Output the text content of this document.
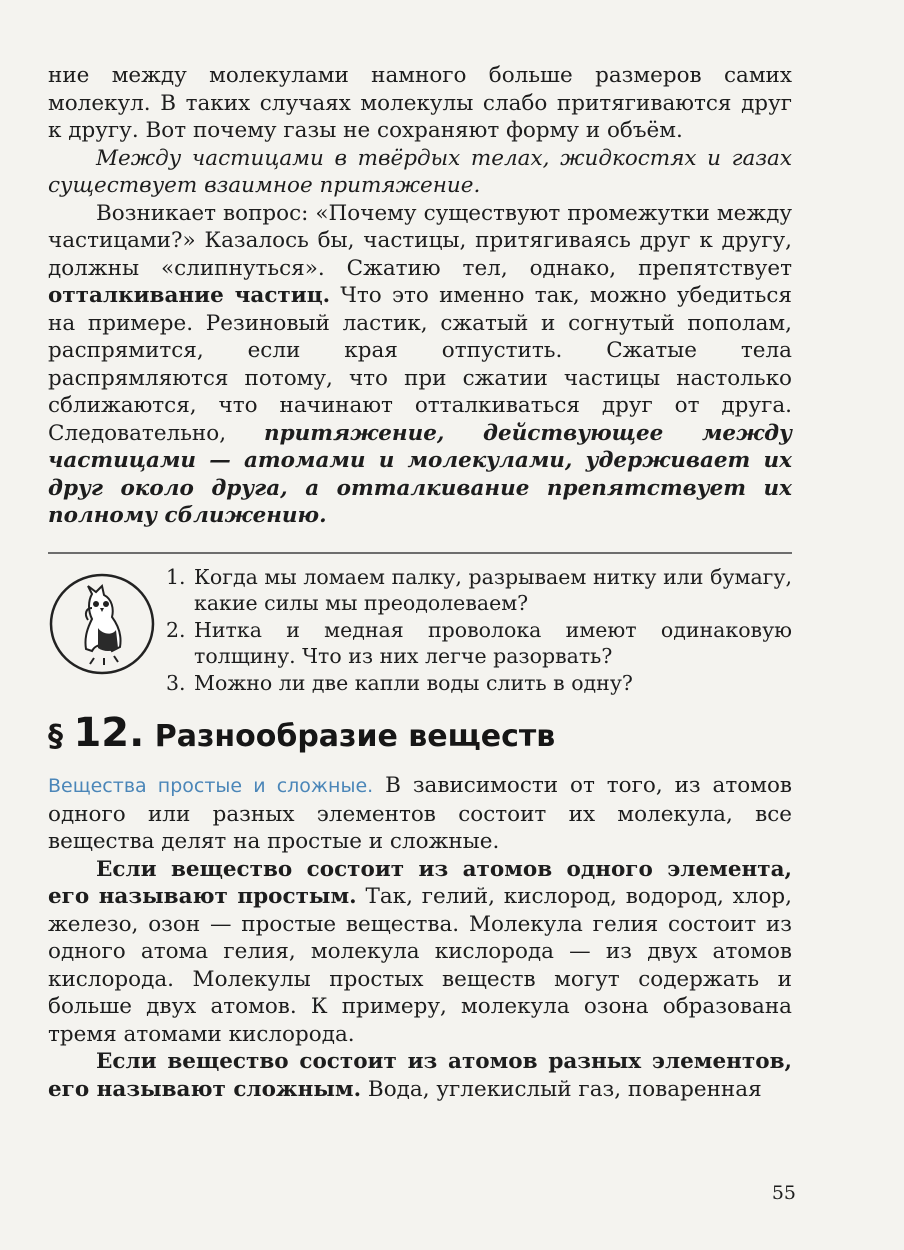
ние между молекулами намного больше размеров самих молекул. В таких случаях молекулы слабо притягиваются друг к другу. Вот почему газы не сохраняют форму и объём.

Между частицами в твёрдых телах, жидкостях и газах существует взаимное притяжение.

Возникает вопрос: «Почему существуют промежутки между частицами?» Казалось бы, частицы, притягиваясь друг к другу, должны «слипнуться». Сжатию тел, однако, препятствует отталкивание частиц. Что это именно так, можно убедиться на примере. Резиновый ластик, сжатый и согнутый пополам, распрямится, если края отпустить. Сжатые тела распрямляются потому, что при сжатии частицы настолько сближаются, что начинают отталкиваться друг от друга. Следовательно, притяжение, действующее между частицами — атомами и молекулами, удерживает их друг около друга, а отталкивание препятствует их полному сближению.

1. Когда мы ломаем палку, разрываем нитку или бумагу, какие силы мы преодолеваем?
2. Нитка и медная проволока имеют одинаковую толщину. Что из них легче разорвать?
3. Можно ли две капли воды слить в одну?
§ 12. Разнообразие веществ

Вещества простые и сложные. В зависимости от того, из атомов одного или разных элементов состоит их молекула, все вещества делят на простые и сложные.

Если вещество состоит из атомов одного элемента, его называют простым. Так, гелий, кислород, водород, хлор, железо, озон — простые вещества. Молекула гелия состоит из одного атома гелия, молекула кислорода — из двух атомов кислорода. Молекулы простых веществ могут содержать и больше двух атомов. К примеру, молекула озона образована тремя атомами кислорода.

Если вещество состоит из атомов разных элементов, его называют сложным. Вода, углекислый газ, поваренная

55
